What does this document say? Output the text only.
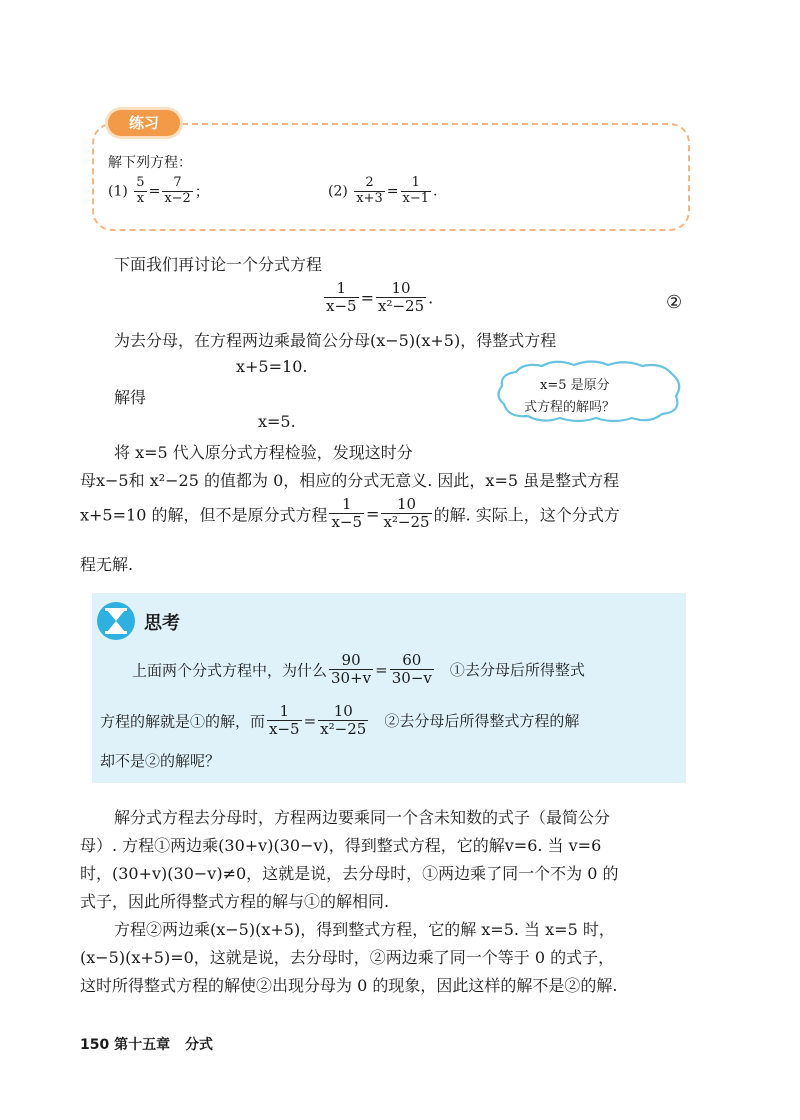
练习
解下列方程：
$(1) \frac{5}{x} = \frac{7}{x-2}$ ；	$(2) \frac{2}{x+3} = \frac{1}{x-1}$ .
下面我们再讨论一个分式方程
$\frac{1}{x-5} = \frac{10}{\text{x²−25}}$ .	②
为去分母，在方程两边乘最简公分母(x−5)(x+5)，得整式方程
x+5=10.
解得
x=5.
将 x=5 代入原分式方程检验，发现这时分
母x−5和 x²−25 的值都为 0，相应的分式无意义. 因此，x=5 虽是整式方程
x+5=10 的解，但不是原分式方程 $\frac{1}{x-5} = \frac{10}{\text{x²−25}}$ 的解. 实际上，这个分式方
程无解.
x=5 是原分
式方程的解吗？
思考
上面两个分式方程中，为什么 $\frac{90}{30+v} = \frac{60}{30-v}$ ①去分母后所得整式
方程的解就是①的解，而 $\frac{1}{x-5} = \frac{10}{\text{x²−25}}$ ②去分母后所得整式方程的解
却不是②的解呢？
解分式方程去分母时，方程两边要乘同一个含未知数的式子（最简公分
母）. 方程①两边乘(30+v)(30−v)，得到整式方程，它的解v=6. 当 v=6
时，(30+v)(30−v)≠0，这就是说，去分母时，①两边乘了同一个不为 0 的
式子，因此所得整式方程的解与①的解相同.
方程②两边乘(x−5)(x+5)，得到整式方程，它的解 x=5. 当 x=5 时，
(x−5)(x+5)=0，这就是说，去分母时，②两边乘了同一个等于 0 的式子，
这时所得整式方程的解使②出现分母为 0 的现象，因此这样的解不是②的解.
150 第十五章 分式
